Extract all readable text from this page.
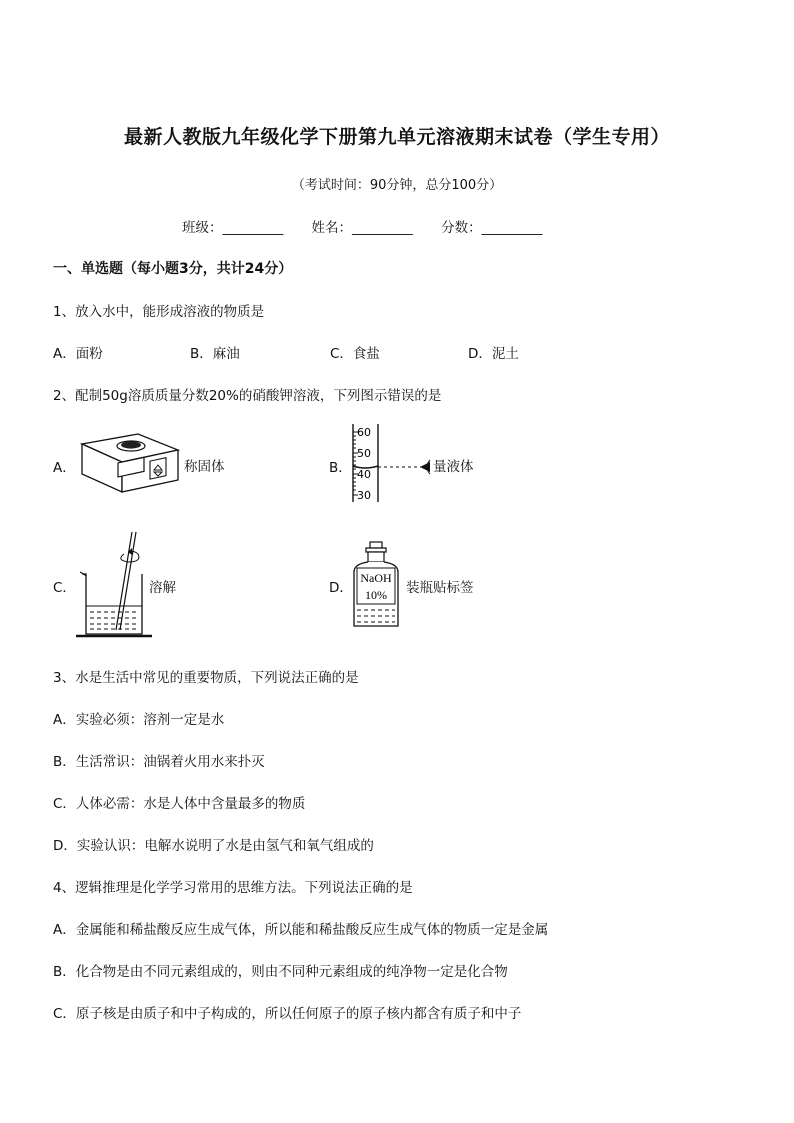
最新人教版九年级化学下册第九单元溶液期末试卷（学生专用）
（考试时间：90分钟，总分100分）
班级：_________ 姓名：_________ 分数：_________
一、单选题（每小题3分，共计24分）
1、放入水中，能形成溶液的物质是
A．面粉	B．麻油	C．食盐	D．泥土
2、配制50g溶质质量分数20%的硝酸钾溶液，下列图示错误的是
A．	称固体	B．
60
50
40
30
量液体
C．	溶解	D．
NaOH
10% 装瓶贴标签
3、水是生活中常见的重要物质，下列说法正确的是
A．实验必须：溶剂一定是水
B．生活常识：油锅着火用水来扑灭
C．人体必需：水是人体中含量最多的物质
D．实验认识：电解水说明了水是由氢气和氧气组成的
4、逻辑推理是化学学习常用的思维方法。下列说法正确的是
A．金属能和稀盐酸反应生成气体，所以能和稀盐酸反应生成气体的物质一定是金属
B．化合物是由不同元素组成的，则由不同种元素组成的纯净物一定是化合物
C．原子核是由质子和中子构成的，所以任何原子的原子核内都含有质子和中子
